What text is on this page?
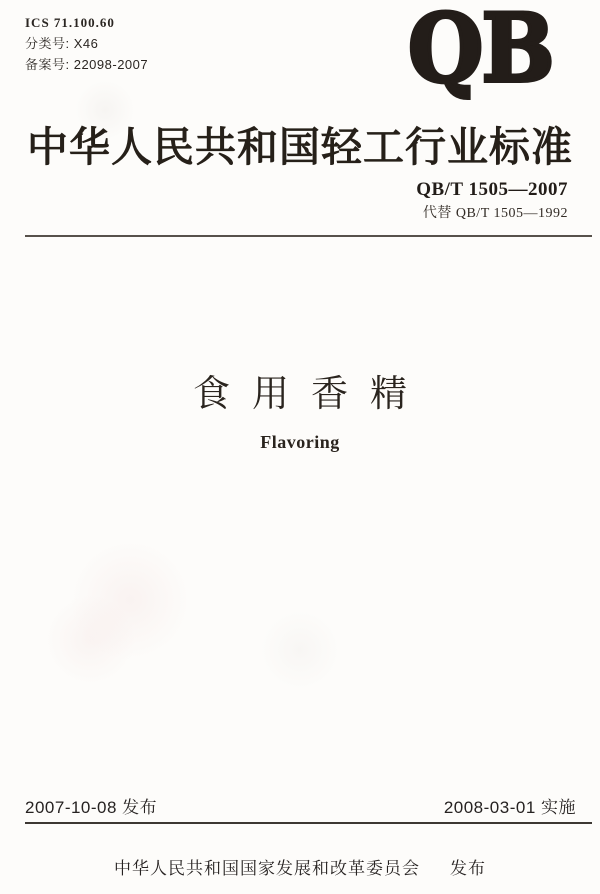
ICS 71.100.60
分类号: X46
备案号: 22098-2007	QB
中华人民共和国轻工行业标准
QB/T 1505—2007
代替 QB/T 1505—1992
食用香精
Flavoring
2007-10-08 发布	2008-03-01 实施
中华人民共和国国家发展和改革委员会 发布
